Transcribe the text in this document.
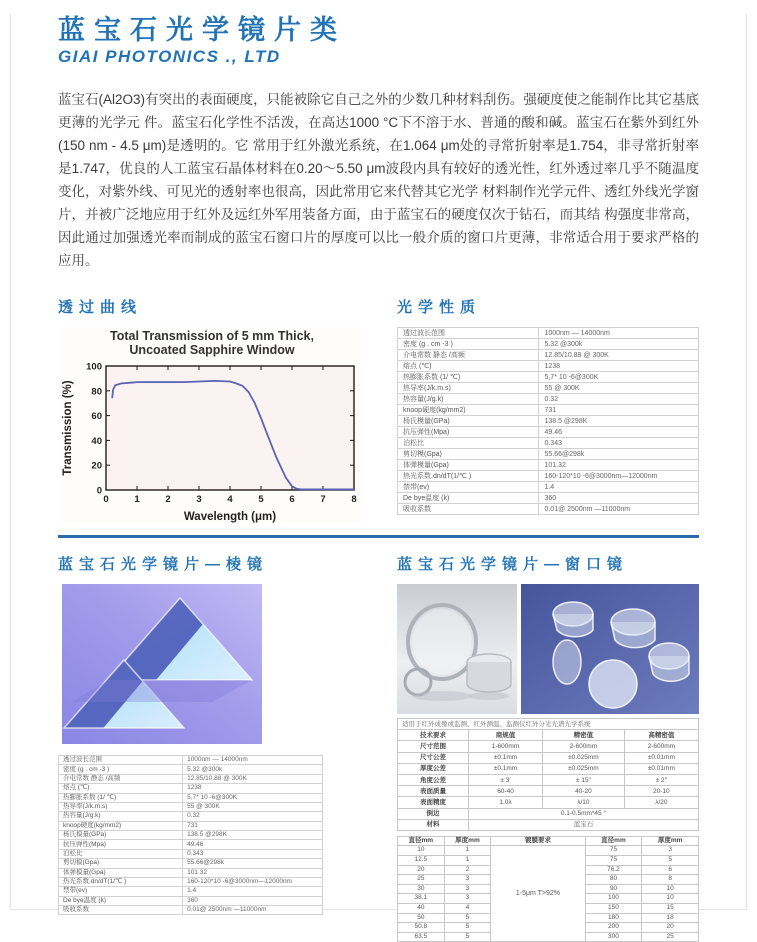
蓝宝石光学镜片类
GIAI PHOTONICS ., LTD

蓝宝石(Al2O3)有突出的表面硬度，只能被除它自己之外的少数几种材料刮伤。强硬度使之能制作比其它基底更薄的光学元 件。蓝宝石化学性不活泼，在高达1000 °C下不溶于水、普通的酸和碱。蓝宝石在紫外到红外(150 nm - 4.5 μm)是透明的。它 常用于红外激光系统，在1.064 μm处的寻常折射率是1.754，非寻常折射率是1.747，优良的人工蓝宝石晶体材料在0.20～5.50 μm波段内具有较好的透光性，红外透过率几乎不随温度变化，对紫外线、可见光的透射率也很高，因此常用它来代替其它光学 材料制作光学元件、透红外线光学窗片，并被广泛地应用于红外及远红外军用装备方面，由于蓝宝石的硬度仅次于钻石，而其结 构强度非常高，因此通过加强透光率而制成的蓝宝石窗口片的厚度可以比一般介质的窗口片更薄，非常适合用于要求严格的应用。

透过曲线
Total Transmission of 5 mm Thick,
Uncoated Sapphire Window
0	1	2	3	4	5	6	7	8
0
20
40
60
80
100
Wavelength (μm)
Transmission (%)
光学性质
透过波长范围	1000nm — 14000nm
密度 (g . cm -3 )	5.32 @300k
介电常数 静态 /高频	12.85/10.88 @ 300K
熔点 (℃)	1238
热膨胀系数 (1/ ℃)	5,7* 10 -6@300K
热导率(J/k.m.s)	55 @ 300K
热容量(J/g.k)	0.32
knoop硬度(kg/mm2)	731
杨氏模量(GPa)	138.5 @298K
抗压弹性(Mpa)	49.46
泊松比	0.343
剪切模(Gpa)	55.66@298k
体弹模量(Gpa)	101.32
热光系数.dn/dT(1/℃ )	160-120*10 -6@3000nm—12000nm
禁带(ev)	1.4
De bye温度 (k)	360
吸收系数	0.01@ 2500nm —11000nm
蓝宝石光学镜片—棱镜
透过波长范围	1000nm — 14000nm
密度 (g . cm -3 )	5.32 @300k
介电常数 静态 /高频	12.85/10.88 @ 300K
熔点 (℃)	1238
热膨胀系数 (1/ ℃)	5,7* 10 -6@300K
热导率(J/k.m.s)	55 @ 300K
热容量(J/g.k)	0.32
knoop硬度(kg/mm2)	731
杨氏模量(GPa)	138.5 @298K
抗压弹性(Mpa)	49.46
泊松比	0.343
剪切模(Gpa)	55.66@298k
体弹模量(Gpa)	101.32
热光系数.dn/dT(1/℃ )	160-120*10 -6@3000nm—12000nm
禁带(ev)	1.4
De bye温度 (k)	360
吸收系数	0.01@ 2500nm —11000nm
蓝宝石光学镜片—窗口镜
适用于红外成像或监测、红外测温、监测仪红外分光光谱光学系统			
技术要求	商规值	精密值	高精密值
尺寸范围	1-600mm	2-600mm	2-600mm
尺寸公差	±0.1mm	±0.025mm	±0.01mm
厚度公差	±0.1mm	±0.025mm	±0.01mm
角度公差	± 3′	± 15″	± 2″
表面质量	60-40	40-20	20-10
表面精度	1.0λ	λ/10	λ/20
倒边	0.1-0.5mm*45 °		
材料	蓝宝石		
直径mm	厚度mm	镀膜要求	直径mm	厚度mm
10	1	1-5μm T>92%	75	3
12.5	1		75	5
20	2		76.2	6
25	3		80	8
30	3		90	10
38.1	3		100	10
40	4		150	15
50	5		180	18
50.8	5		200	20
63.5	5		300	25
